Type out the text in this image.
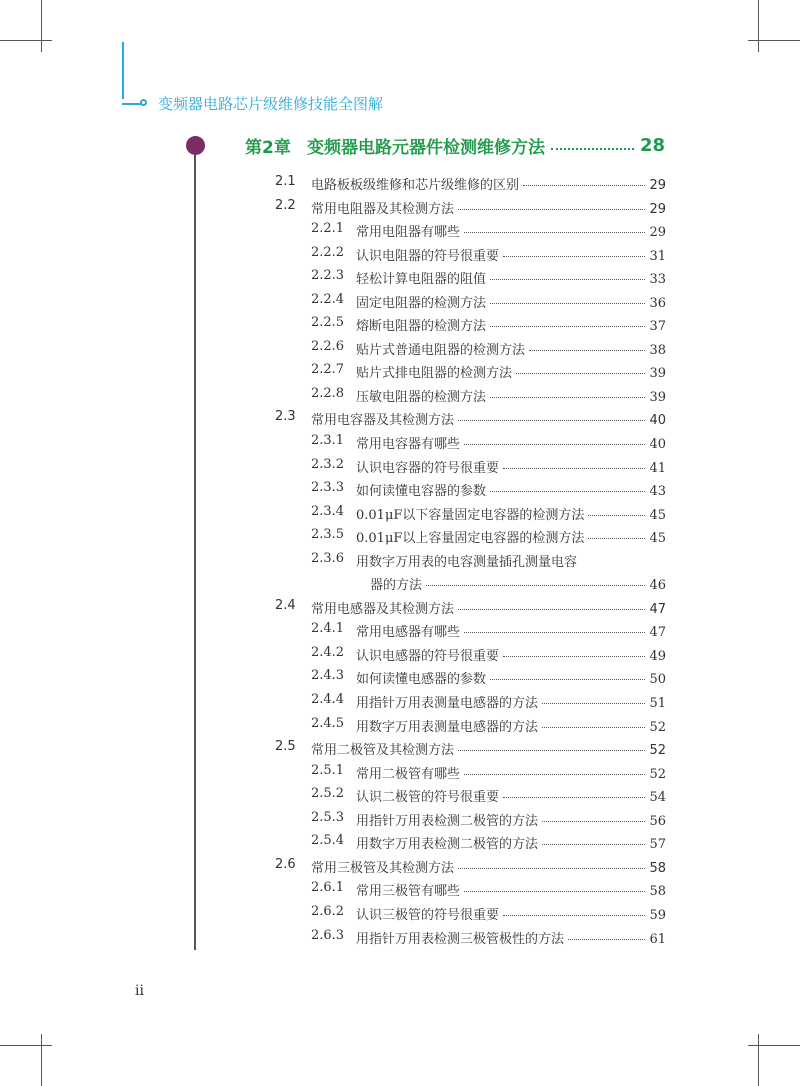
变频器电路芯片级维修技能全图解
第2章 变频器电路元器件检测维修方法	28
2.1 电路板板级维修和芯片级维修的区别	29
2.2 常用电阻器及其检测方法	29
2.2.1 常用电阻器有哪些	29
2.2.2 认识电阻器的符号很重要	31
2.2.3 轻松计算电阻器的阻值	33
2.2.4 固定电阻器的检测方法	36
2.2.5 熔断电阻器的检测方法	37
2.2.6 贴片式普通电阻器的检测方法	38
2.2.7 贴片式排电阻器的检测方法	39
2.2.8 压敏电阻器的检测方法	39
2.3 常用电容器及其检测方法	40
2.3.1 常用电容器有哪些	40
2.3.2 认识电容器的符号很重要	41
2.3.3 如何读懂电容器的参数	43
2.3.4 0.01μF以下容量固定电容器的检测方法	45
2.3.5 0.01μF以上容量固定电容器的检测方法	45
2.3.6 用数字万用表的电容测量插孔测量电容
器的方法	46
2.4 常用电感器及其检测方法	47
2.4.1 常用电感器有哪些	47
2.4.2 认识电感器的符号很重要	49
2.4.3 如何读懂电感器的参数	50
2.4.4 用指针万用表测量电感器的方法	51
2.4.5 用数字万用表测量电感器的方法	52
2.5 常用二极管及其检测方法	52
2.5.1 常用二极管有哪些	52
2.5.2 认识二极管的符号很重要	54
2.5.3 用指针万用表检测二极管的方法	56
2.5.4 用数字万用表检测二极管的方法	57
2.6 常用三极管及其检测方法	58
2.6.1 常用三极管有哪些	58
2.6.2 认识三极管的符号很重要	59
2.6.3 用指针万用表检测三极管极性的方法	61
ii
